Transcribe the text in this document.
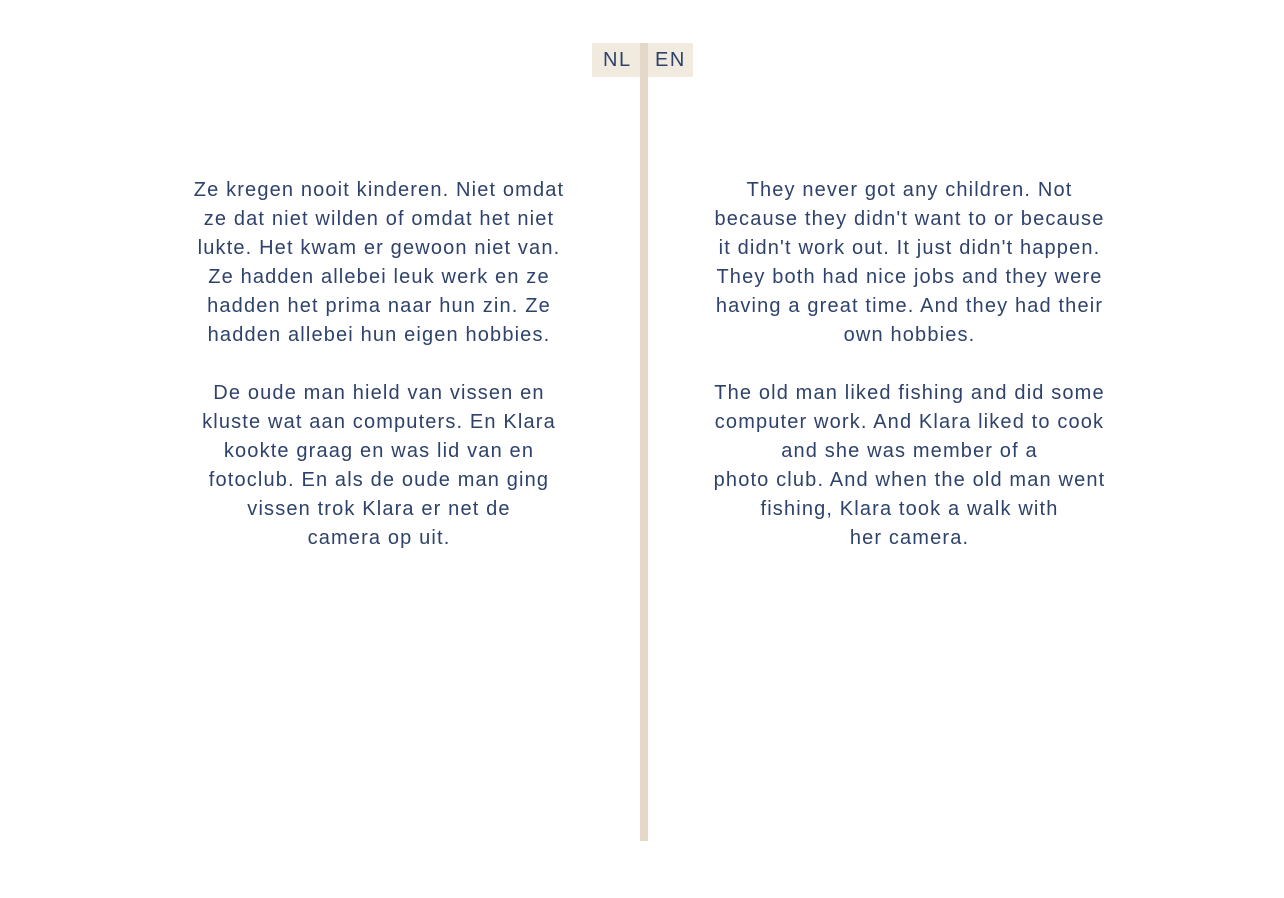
NL EN

Ze kregen nooit kinderen. Niet omdat
ze dat niet wilden of omdat het niet
lukte. Het kwam er gewoon niet van.
Ze hadden allebei leuk werk en ze
hadden het prima naar hun zin. Ze
hadden allebei hun eigen hobbies.

De oude man hield van vissen en
kluste wat aan computers. En Klara
kookte graag en was lid van en
fotoclub. En als de oude man ging
vissen trok Klara er net de
camera op uit.

They never got any children. Not
because they didn't want to or because
it didn't work out. It just didn't happen.
They both had nice jobs and they were
having a great time. And they had their
own hobbies.

The old man liked fishing and did some
computer work. And Klara liked to cook
and she was member of a
photo club. And when the old man went
fishing, Klara took a walk with
her camera.
